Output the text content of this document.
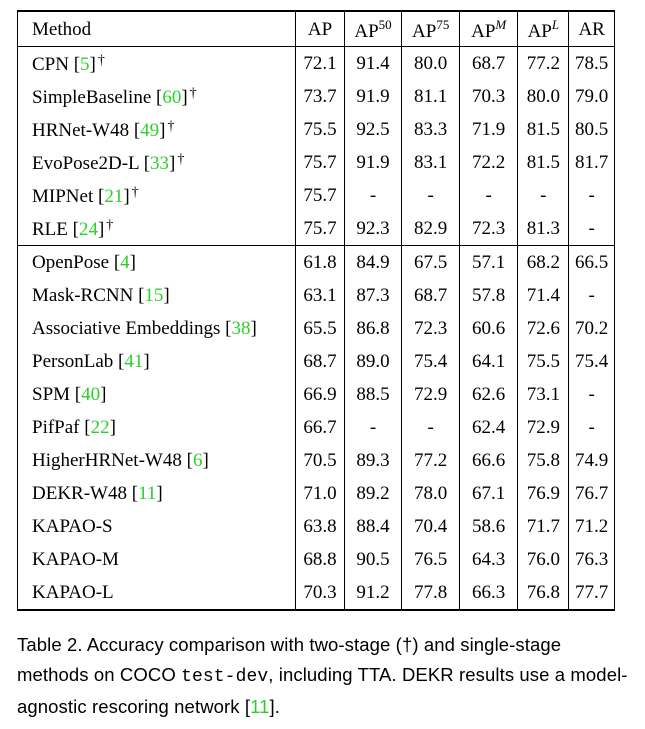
Method	AP	AP$^{50}$	AP$^{75}$	$AP^M$	$AP^L$	AR
CPN [5] †	72.1	91.4	80.0	68.7	77.2	78.5
SimpleBaseline [60] †	73.7	91.9	81.1	70.3	80.0	79.0
HRNet-W48 [49] †	75.5	92.5	83.3	71.9	81.5	80.5
EvoPose2D-L [33] †	75.7	91.9	83.1	72.2	81.5	81.7
MIPNet [21] †	75.7	-	-	-	-	-
RLE [24] †	75.7	92.3	82.9	72.3	81.3	-
OpenPose [4]	61.8	84.9	67.5	57.1	68.2	66.5
Mask-RCNN [15]	63.1	87.3	68.7	57.8	71.4	-
Associative Embeddings [38]	65.5	86.8	72.3	60.6	72.6	70.2
PersonLab [41]	68.7	89.0	75.4	64.1	75.5	75.4
SPM [40]	66.9	88.5	72.9	62.6	73.1	-
PifPaf [22]	66.7	-	-	62.4	72.9	-
HigherHRNet-W48 [6]	70.5	89.3	77.2	66.6	75.8	74.9
DEKR-W48 [11]	71.0	89.2	78.0	67.1	76.9	76.7
KAPAO-S	63.8	88.4	70.4	58.6	71.7	71.2
KAPAO-M	68.8	90.5	76.5	64.3	76.0	76.3
KAPAO-L	70.3	91.2	77.8	66.3	76.8	77.7
Table 2. Accuracy comparison with two-stage (†) and single-stage methods on COCO test-dev, including TTA. DEKR results use a model-agnostic rescoring network [11].
